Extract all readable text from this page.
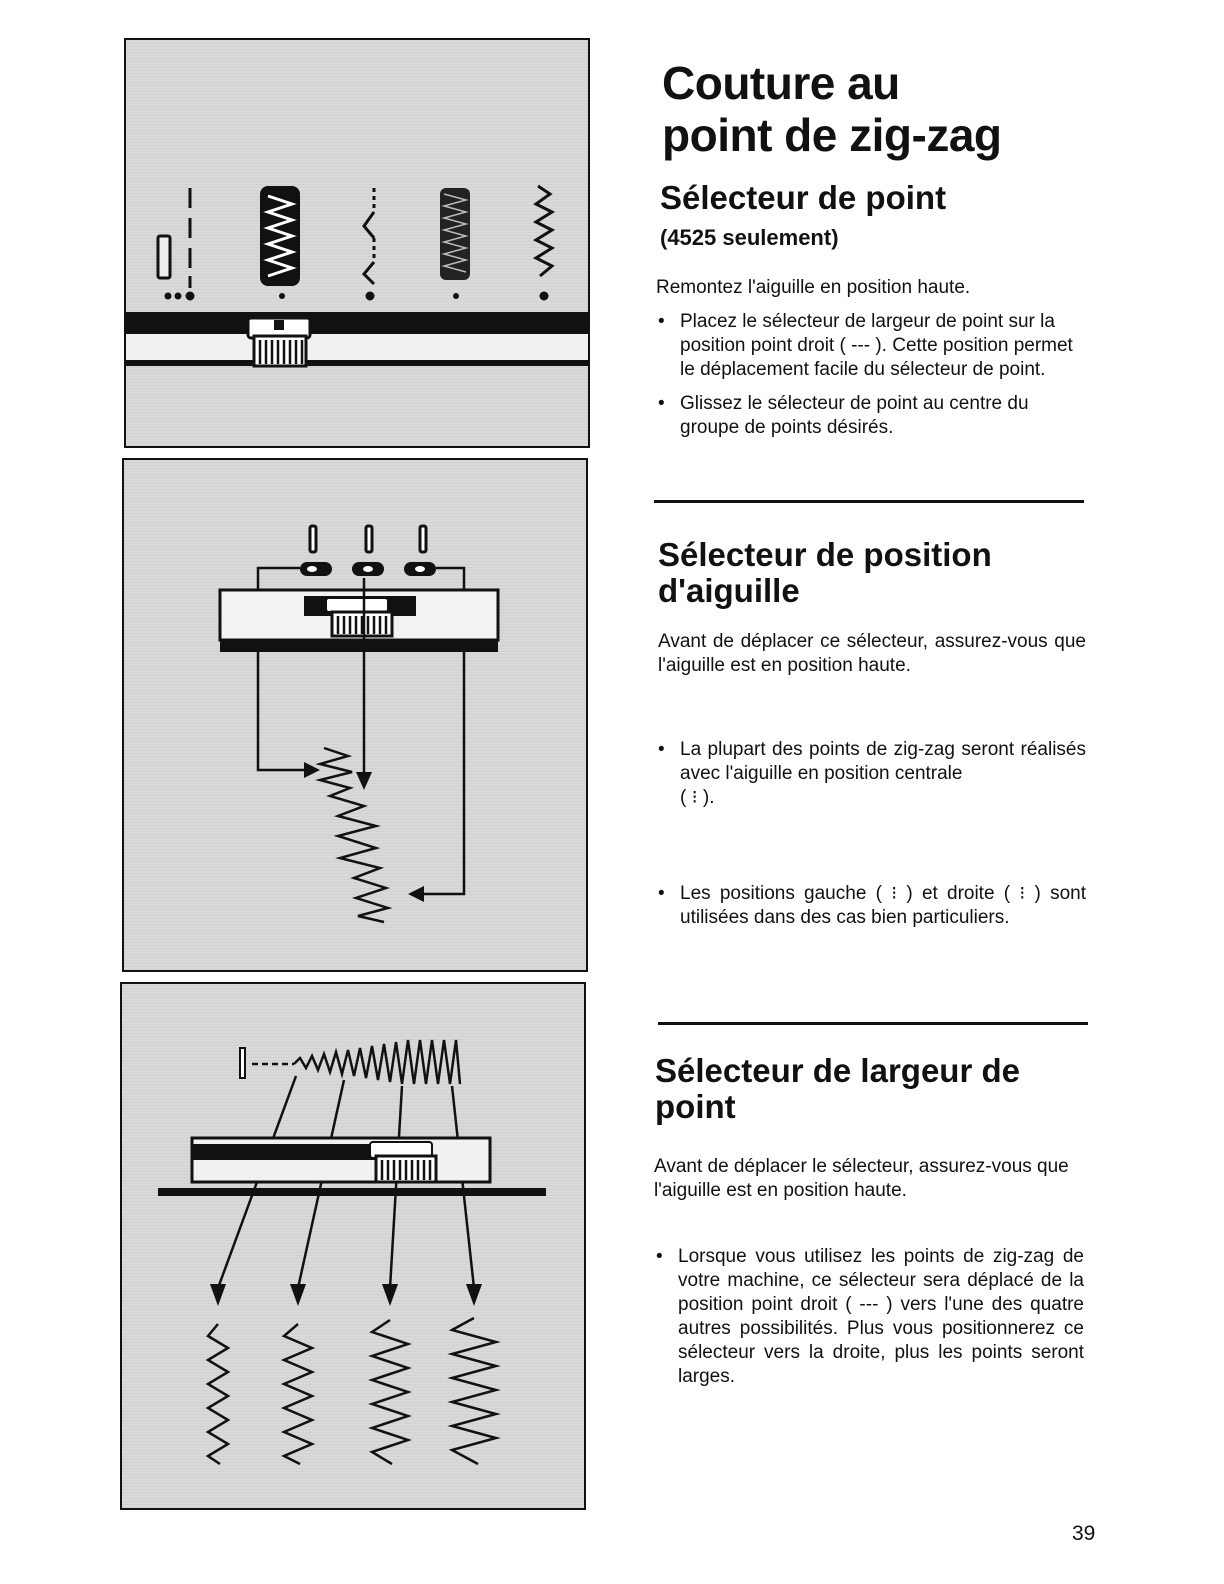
Couture au
point de zig-zag
Sélecteur de point

(4525 seulement)

Remontez l'aiguille en position haute.

• Placez le sélecteur de largeur de point sur la position point droit ( --- ). Cette position permet le déplacement facile du sélecteur de point.
• Glissez le sélecteur de point au centre du groupe de points désirés.
Sélecteur de position
d'aiguille

Avant de déplacer ce sélecteur, assurez-vous que l'aiguille est en position haute.

• La plupart des points de zig-zag seront réalisés avec l'aiguille en position centrale
( ⁝ ).
• Les positions gauche ( ⁝ ) et droite ( ⁝ ) sont utilisées dans des cas bien particuliers.
Sélecteur de largeur de
point

Avant de déplacer le sélecteur, assurez-vous que l'aiguille est en position haute.

• Lorsque vous utilisez les points de zig-zag de votre machine, ce sélecteur sera déplacé de la position point droit ( --- ) vers l'une des quatre autres possibilités. Plus vous positionnerez ce sélecteur vers la droite, plus les points seront larges.
39
